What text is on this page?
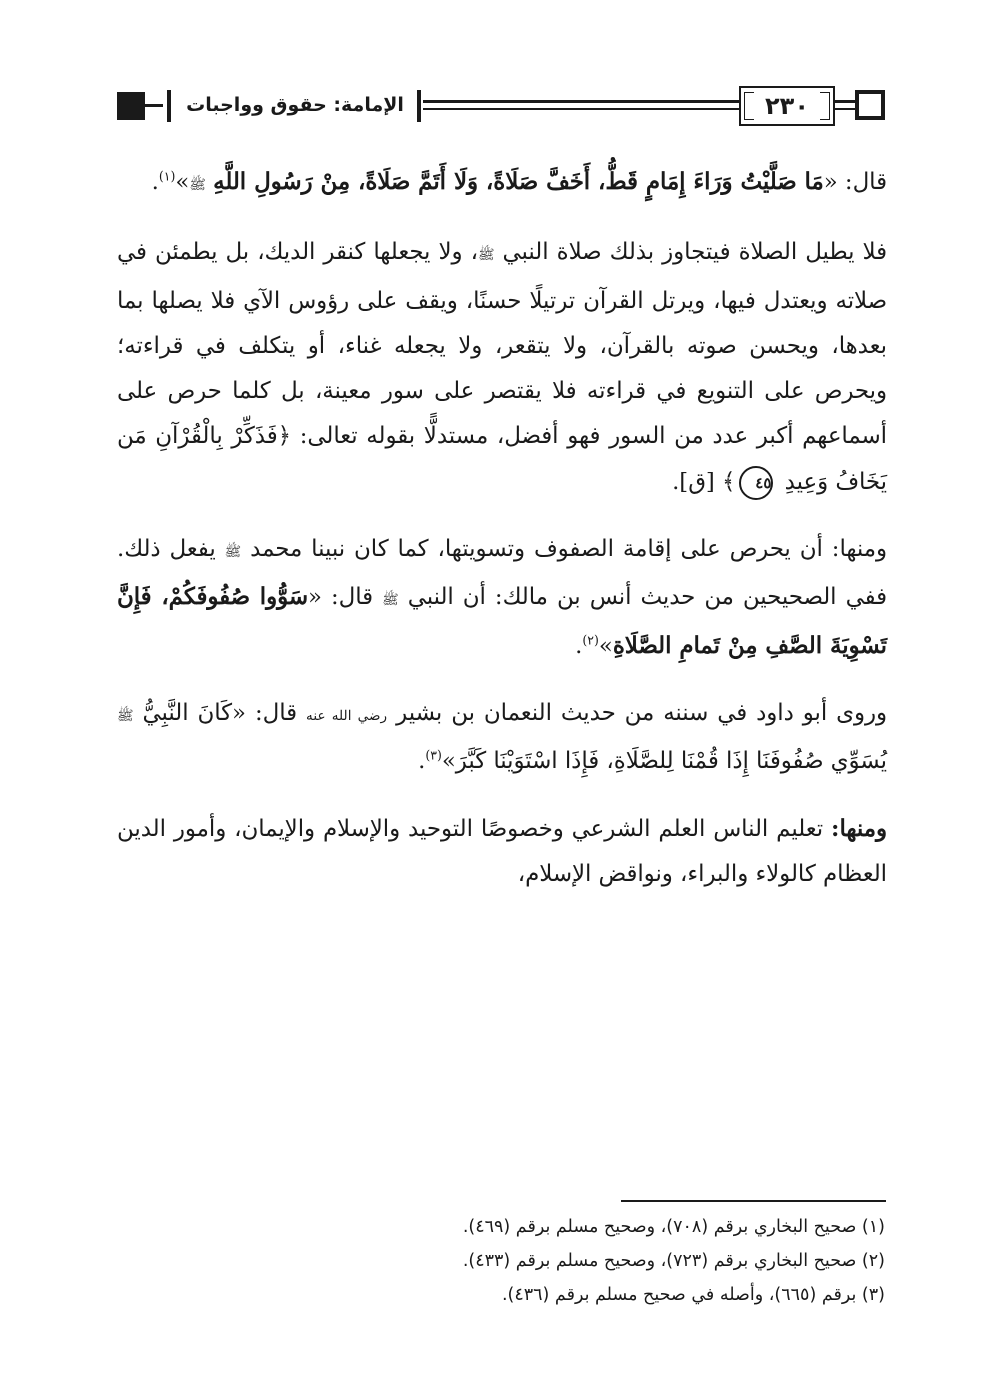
الإمامة: حقوق وواجبات	٢٣٠

قال: «مَا صَلَّيْتُ وَرَاءَ إِمَامٍ قَطُّ، أَخَفَّ صَلَاةً، وَلَا أَتَمَّ صَلَاةً، مِنْ رَسُولِ اللَّهِ ﷺ»$^{(١)}$.

فلا يطيل الصلاة فيتجاوز بذلك صلاة النبي ﷺ، ولا يجعلها كنقر الديك، بل يطمئن في صلاته ويعتدل فيها، ويرتل القرآن ترتيلًا حسنًا، ويقف على رؤوس الآي فلا يصلها بما بعدها، ويحسن صوته بالقرآن، ولا يتقعر، ولا يجعله غناء، أو يتكلف في قراءته؛ ويحرص على التنويع في قراءته فلا يقتصر على سور معينة، بل كلما حرص على أسماعهم أكبر عدد من السور فهو أفضل، مستدلًّا بقوله تعالى: ﴿فَذَكِّرْ بِالْقُرْآنِ مَن يَخَافُ وَعِيدِ ٤٥﴾ [ق].

ومنها: أن يحرص على إقامة الصفوف وتسويتها، كما كان نبينا محمد ﷺ يفعل ذلك. ففي الصحيحين من حديث أنس بن مالك: أن النبي ﷺ قال: «سَوُّوا صُفُوفَكُمْ، فَإِنَّ تَسْوِيَةَ الصَّفِ مِنْ تَمامِ الصَّلَاةِ»$^{(٢)}$.

وروى أبو داود في سننه من حديث النعمان بن بشير رضي الله عنه قال: «كَانَ النَّبِيُّ ﷺ يُسَوِّي صُفُوفَنَا إِذَا قُمْنَا لِلصَّلَاةِ، فَإِذَا اسْتَوَيْنَا كَبَّرَ»$^{(٣)}$.

ومنها: تعليم الناس العلم الشرعي وخصوصًا التوحيد والإسلام والإيمان، وأمور الدين العظام كالولاء والبراء، ونواقض الإسلام،

(١) صحيح البخاري برقم (٧٠٨)، وصحيح مسلم برقم (٤٦٩).
(٢) صحيح البخاري برقم (٧٢٣)، وصحيح مسلم برقم (٤٣٣).
(٣) برقم (٦٦٥)، وأصله في صحيح مسلم برقم (٤٣٦).
